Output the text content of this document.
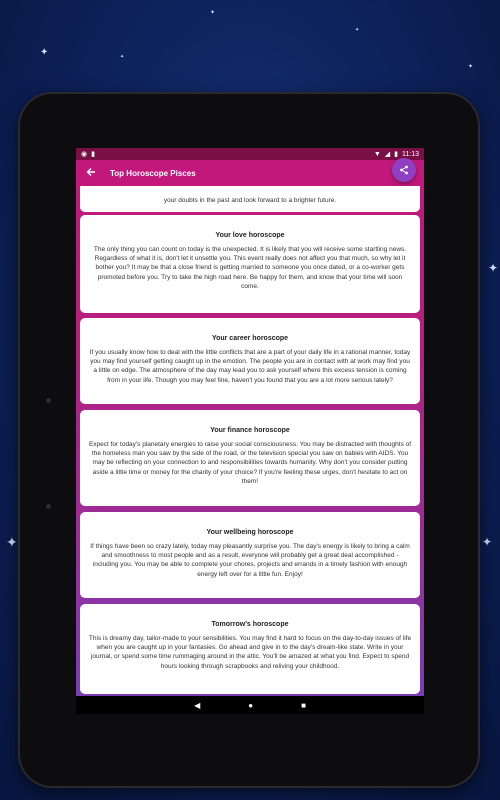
✦	✦
✦
✦
✦
✦
✦	✦
◉ ▮	▼ ◢ ▮ 11:13
Top Horoscope Pisces
your doubts in the past and look forward to a brighter future.
Your love horoscope
The only thing you can count on today is the unexpected. It is likely that you will receive some startling news. Regardless of what it is, don't let it unsettle you. This event really does not affect you that much, so why let it bother you? It may be that a close friend is getting married to someone you once dated, or a co-worker gets promoted before you. Try to take the high road here. Be happy for them, and know that your time will soon come.
Your career horoscope
If you usually know how to deal with the little conflicts that are a part of your daily life in a rational manner, today you may find yourself getting caught up in the emotion. The people you are in contact with at work may find you a little on edge. The atmosphere of the day may lead you to ask yourself where this excess tension is coming from in your life. Though you may feel fine, haven't you found that you are a lot more serious lately?
Your finance horoscope
Expect for today's planetary energies to raise your social consciousness. You may be distracted with thoughts of the homeless man you saw by the side of the road, or the television special you saw on babies with AIDS. You may be reflecting on your connection to and responsibilities towards humanity. Why don't you consider putting aside a little time or money for the charity of your choice? If you're feeling these urges, don't hesitate to act on them!
Your wellbeing horoscope
If things have been so crazy lately, today may pleasantly surprise you. The day's energy is likely to bring a calm and smoothness to most people and as a result, everyone will probably get a great deal accomplished - including you. You may be able to complete your chores, projects and errands in a timely fashion with enough energy left over for a little fun. Enjoy!
Tomorrow's horoscope
This is dreamy day, tailor-made to your sensibilities. You may find it hard to focus on the day-to-day issues of life when you are caught up in your fantasies. Go ahead and give in to the day's dream-like state. Write in your journal, or spend some time rummaging around in the attic. You'll be amazed at what you find. Expect to spend hours looking through scrapbooks and reliving your childhood.
◀	●	■
